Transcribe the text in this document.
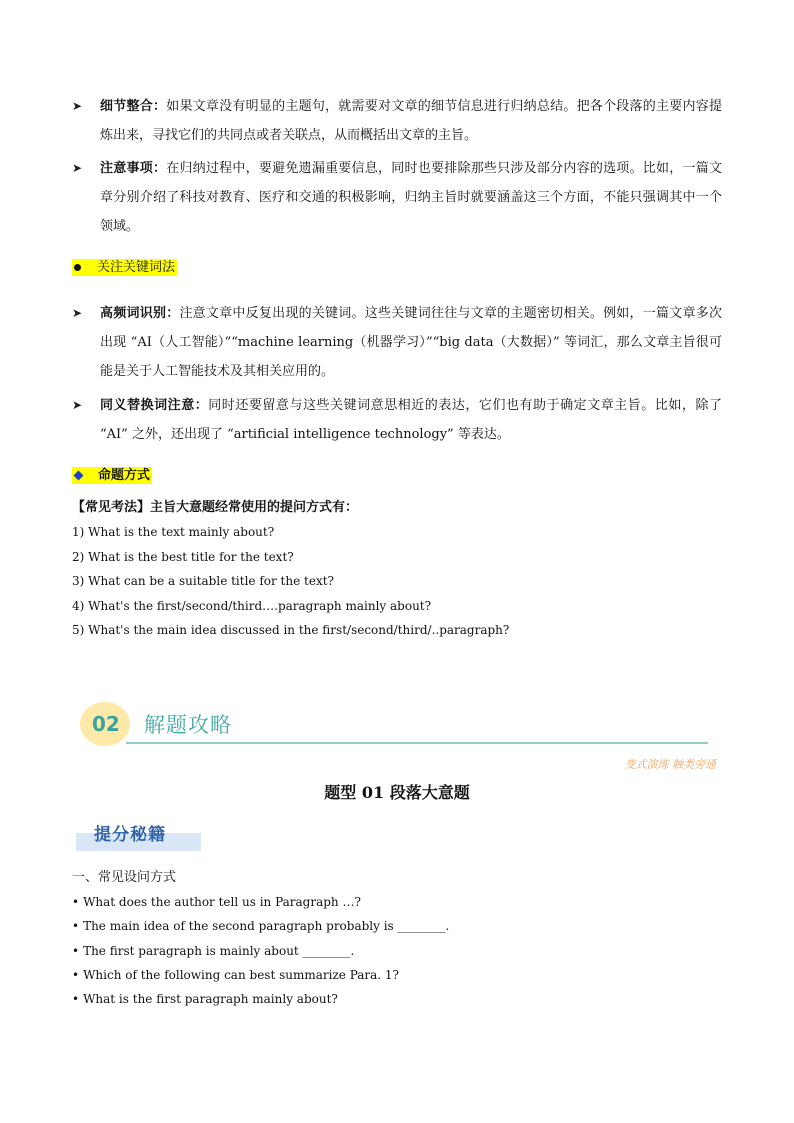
➤ 细节整合：如果文章没有明显的主题句，就需要对文章的细节信息进行归纳总结。把各个段落的主要内容提炼出来，寻找它们的共同点或者关联点，从而概括出文章的主旨。
➤ 注意事项：在归纳过程中，要避免遗漏重要信息，同时也要排除那些只涉及部分内容的选项。比如，一篇文章分别介绍了科技对教育、医疗和交通的积极影响，归纳主旨时就要涵盖这三个方面，不能只强调其中一个领域。
关注关键词法
➤ 高频词识别：注意文章中反复出现的关键词。这些关键词往往与文章的主题密切相关。例如，一篇文章多次出现 “AI（人工智能）”“machine learning（机器学习）”“big data（大数据）” 等词汇，那么文章主旨很可能是关于人工智能技术及其相关应用的。
➤ 同义替换词注意：同时还要留意与这些关键词意思相近的表达，它们也有助于确定文章主旨。比如，除了 “AI” 之外，还出现了 “artificial intelligence technology” 等表达。
命题方式
【常见考法】主旨大意题经常使用的提问方式有：
1) What is the text mainly about?
2) What is the best title for the text?
3) What can be a suitable title for the text?
4) What's the first/second/third….paragraph mainly about?
5) What's the main idea discussed in the first/second/third/..paragraph?
02 解题攻略
变式演练 触类旁通
题型 01 段落大意题
提分秘籍
一、常见设问方式
• What does the author tell us in Paragraph …?
• The main idea of the second paragraph probably is ________.
• The first paragraph is mainly about ________.
• Which of the following can best summarize Para. 1?
• What is the first paragraph mainly about?
